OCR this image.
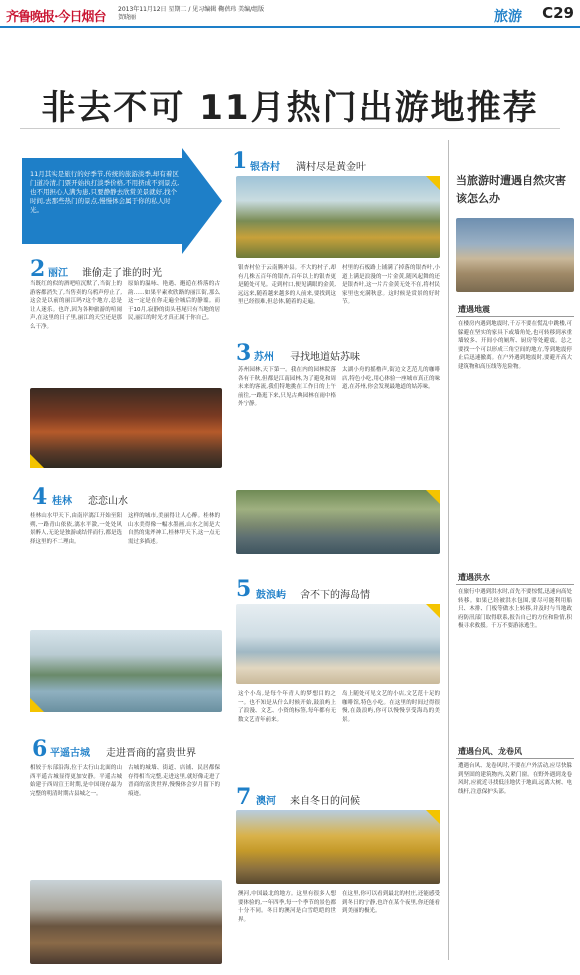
齐鲁晚报·今日烟台
2013年11月12日 星期二 / 见习编辑 鞠蓓玮 美编/组版 贺晓丽	旅游 C29
非去不可 11月热门出游地推荐
11月其实是旅行的好季节,传统的旅游淡季,却有着区门道冷清,门票开始执打淡季价格,不用挤成不到景点,也不用担心人满为患,只要静静去欣赏美景就好,找个时间,去那些热门的景点,慢慢体会属于你的私人时光。
1 银杏村 满村尽是黄金叶
银杏村位于云南腾冲县。不大的村子,却有几株五百年的银杏,百年以上的银杏更是随处可见。走到村口,便见满眼的金黄,远远来,随着越来越多的人前来,要找到这里已经很难,但总体,随着的走遍。
村里的石板路上铺满了掉落的银杏叶,小道上满是浪漫的一片金黄,随风起舞的还是银杏叶,这一片片金黄无处不在,将村民家里也充满秋意。这时候是赏景的好时节。
2 丽江 谁偷走了谁的时光
当既红的似的酒吧喧沉默了,当街上的游客都消失了,当售卖的乌鸦声停止了,这会是以前的丽江吗?这个地方,总是让人迷乐。也许,因为各种旅游的喧闹声,在这里的日子里,丽江的天空还是那么干净。
原始的温咏、艳遇、邂逅在桥落的古韵……如果平素欢欣路的丽江街,那么这一定是在你走遍全城后的静谧。而于10月,寂静的街头巷尾只有当地的居民,丽江的时光才真正属于你自己。
3 苏州 寻找地道姑苏味
苏州园林,天下第一。我在内的园林院落各有千秋,但都是江南园林,为了避免和周末来的客流,我们特地挑在工作日的上午前往,一路逛下来,只见古典园林在雨中格外宁静。
太湖小舟的摇橹声,街边文艺范儿的咖啡店,特色小吃,用心体验一座城市真正的味道,在苏州,你会发现最地道的姑苏味。
4 桂林 恋恋山水
桂林山水甲天下,由南岸漓江开始至阳朔,一路青山依依,漓水平潋,一处处风景醉人,无论是独游或结伴而行,都是选择这里的不二理由。
这样的城市,美丽得让人心醉。桂林的山水美得像一幅水墨画,山水之间是大自然的鬼斧神工,桂林甲天下,这一点无需过多描述。
5 鼓浪屿 舍不下的海岛情
这个小岛,是每个年青人的梦想目的之一。也不知是从什么时候开始,鼓浪屿上了浪漫、文艺、小资的标签,每年都有无数文艺青年前来。
岛上随处可见文艺的小店,文艺范十足的咖啡馆,特色小吃。在这里的时间过得很慢,在鼓浪屿,你可以慢慢享受海岛的美景。
6 平遥古城 走进晋商的富贵世界
相较于东部沿海,位于太行山北面的山西平遥古城显得更加安静。平遥古城始建于西周宣王时期,是中国现存最为完整的明清时期古县城之一。
古城的城墙、街道、店铺、民居都保存得相当完整,走进这里,就好像走进了晋商的富贵世界,慢慢体会岁月留下的痕迹。	7 澳河 来自冬日的问候
澳河,中国最北的地方。这里有很多人想要体验的,一年四季,每一个季节的景色都十分不同。冬日的澳河是白雪皑皑的世界。
在这里,你可以看到最北的村庄,还能感受到冬日的宁静,也许在某个夜里,你还能看到美丽的极光。
当旅游时遭遇自然灾害该怎么办
遭遇地震
在楼房内遇到地震时,千万不要在慌乱中跳楼,可躲避在坚实的家具下或墙角处,也可转移到承重墙较多、开间小的厕所、厨房等处避震。总之要找一个可以形成三角空间的地方,等到地震停止后迅速撤离。在户外遇到地震时,要避开高大建筑物和高压线等危险物。
遭遇洪水
在旅行中遇到洪水时,首先不要惊慌,迅速向高处转移。如果已经被洪水包围,要尽可能利用船只、木排、门板等做水上转移,并及时与当地政府防汛部门取得联系,报告自己的方位和险情,积极寻求救援。千万不要游泳逃生。
遭遇台风、龙卷风
遭遇台风、龙卷风时,不要在户外活动,应尽快躲到坚固的建筑物内,关紧门窗。在野外遇到龙卷风时,应就近寻找低洼地伏于地面,远离大树、电线杆,注意保护头部。
